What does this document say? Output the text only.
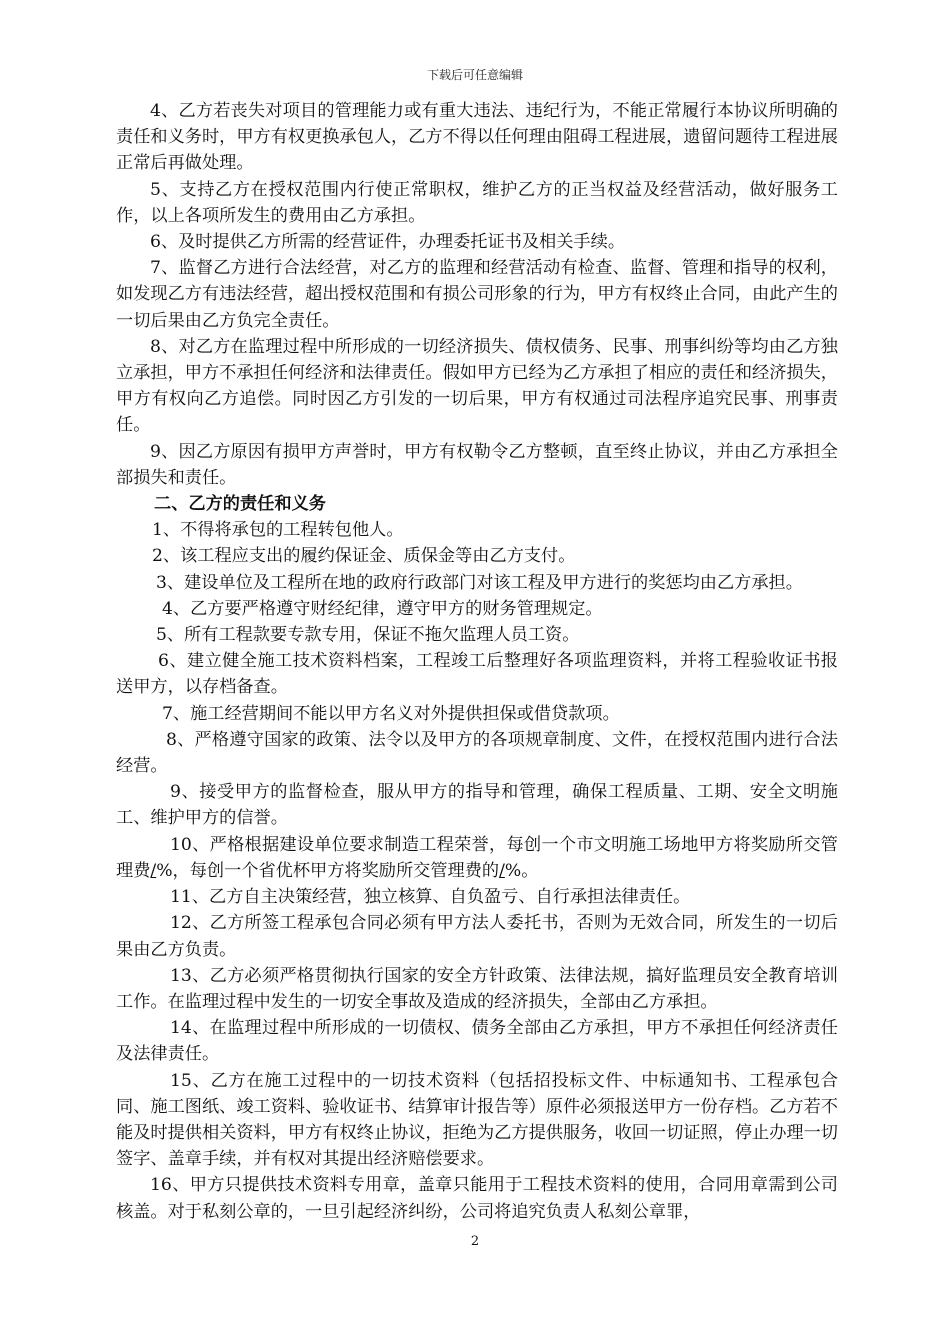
下载后可任意编辑

4、乙方若丧失对项目的管理能力或有重大违法、违纪行为，不能正常履行本协议所明确的责任和义务时，甲方有权更换承包人，乙方不得以任何理由阻碍工程进展，遗留问题待工程进展正常后再做处理。

5、支持乙方在授权范围内行使正常职权，维护乙方的正当权益及经营活动，做好服务工作，以上各项所发生的费用由乙方承担。

6、及时提供乙方所需的经营证件，办理委托证书及相关手续。

7、监督乙方进行合法经营，对乙方的监理和经营活动有检查、监督、管理和指导的权利，如发现乙方有违法经营，超出授权范围和有损公司形象的行为，甲方有权终止合同，由此产生的一切后果由乙方负完全责任。

8、对乙方在监理过程中所形成的一切经济损失、债权债务、民事、刑事纠纷等均由乙方独立承担，甲方不承担任何经济和法律责任。假如甲方已经为乙方承担了相应的责任和经济损失，甲方有权向乙方追偿。同时因乙方引发的一切后果，甲方有权通过司法程序追究民事、刑事责任。

9、因乙方原因有损甲方声誉时，甲方有权勒令乙方整顿，直至终止协议，并由乙方承担全部损失和责任。

二、乙方的责任和义务

1、不得将承包的工程转包他人。

2、该工程应支出的履约保证金、质保金等由乙方支付。

3、建设单位及工程所在地的政府行政部门对该工程及甲方进行的奖惩均由乙方承担。

4、乙方要严格遵守财经纪律，遵守甲方的财务管理规定。

5、所有工程款要专款专用，保证不拖欠监理人员工资。

6、建立健全施工技术资料档案，工程竣工后整理好各项监理资料，并将工程验收证书报送甲方，以存档备查。

7、施工经营期间不能以甲方名义对外提供担保或借贷款项。

8、严格遵守国家的政策、法令以及甲方的各项规章制度、文件，在授权范围内进行合法经营。

9、接受甲方的监督检查，服从甲方的指导和管理，确保工程质量、工期、安全文明施工、维护甲方的信誉。

10、严格根据建设单位要求制造工程荣誉，每创一个市文明施工场地甲方将奖励所交管理费/%，每创一个省优杯甲方将奖励所交管理费的/%。

11、乙方自主决策经营，独立核算、自负盈亏、自行承担法律责任。

12、乙方所签工程承包合同必须有甲方法人委托书，否则为无效合同，所发生的一切后果由乙方负责。

13、乙方必须严格贯彻执行国家的安全方针政策、法律法规，搞好监理员安全教育培训工作。在监理过程中发生的一切安全事故及造成的经济损失，全部由乙方承担。

14、在监理过程中所形成的一切债权、债务全部由乙方承担，甲方不承担任何经济责任及法律责任。

15、乙方在施工过程中的一切技术资料（包括招投标文件、中标通知书、工程承包合同、施工图纸、竣工资料、验收证书、结算审计报告等）原件必须报送甲方一份存档。乙方若不能及时提供相关资料，甲方有权终止协议，拒绝为乙方提供服务，收回一切证照，停止办理一切签字、盖章手续，并有权对其提出经济赔偿要求。

16、甲方只提供技术资料专用章，盖章只能用于工程技术资料的使用，合同用章需到公司核盖。对于私刻公章的，一旦引起经济纠纷，公司将追究负责人私刻公章罪，

2
